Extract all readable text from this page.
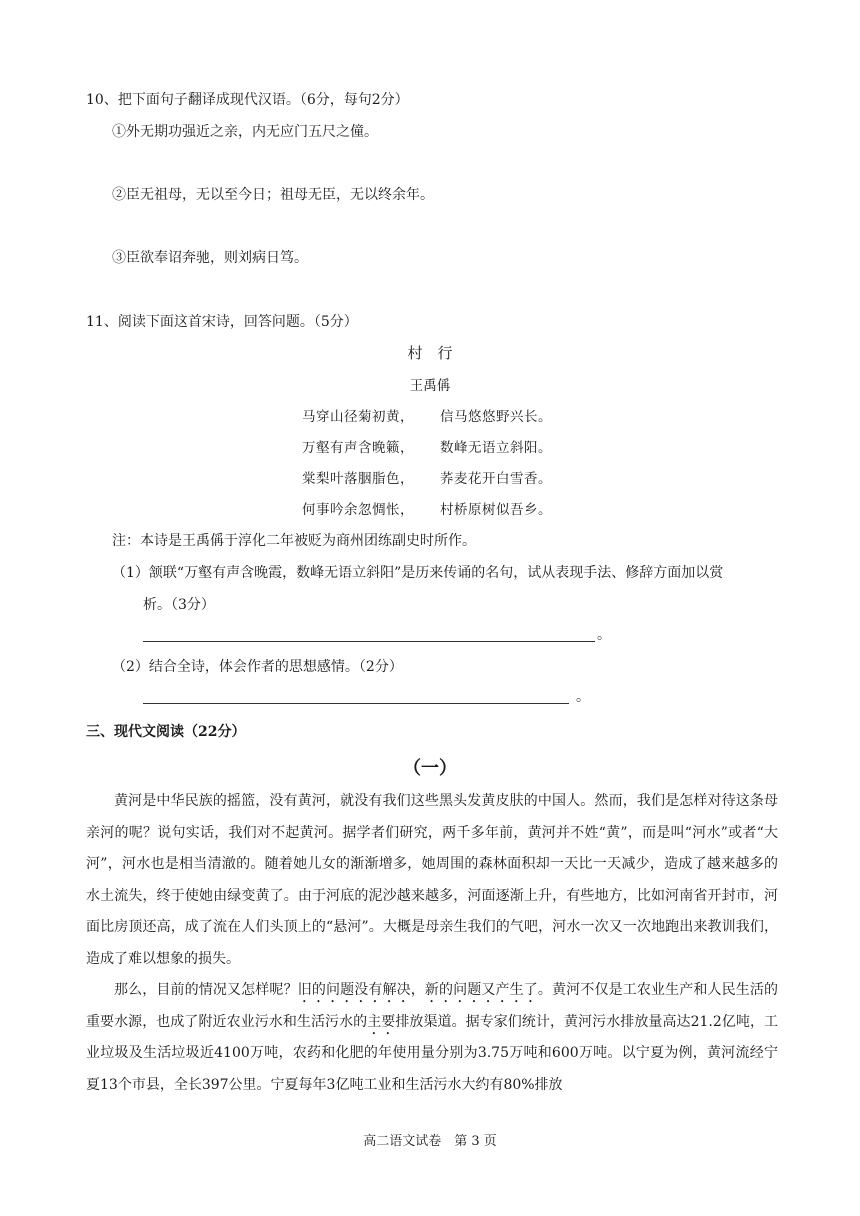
10、把下面句子翻译成现代汉语。（6分，每句2分）
①外无期功强近之亲，内无应门五尺之僮。
②臣无祖母，无以至今日；祖母无臣，无以终余年。
③臣欲奉诏奔驰，则刘病日笃。
11、阅读下面这首宋诗，回答问题。（5分）
村　行
王禹偁
马穿山径菊初黄， 信马悠悠野兴长。
万壑有声含晚籁， 数峰无语立斜阳。
棠梨叶落胭脂色， 荞麦花开白雪香。
何事吟余忽惆怅， 村桥原树似吾乡。
注：本诗是王禹偁于淳化二年被贬为商州团练副史时所作。
（1）颔联“万壑有声含晚霞，数峰无语立斜阳”是历来传诵的名句，试从表现手法、修辞方面加以赏
析。（3分）
。
（2）结合全诗，体会作者的思想感情。（2分）
。
三、现代文阅读（22分）
（一）

黄河是中华民族的摇篮，没有黄河，就没有我们这些黑头发黄皮肤的中国人。然而，我们是怎样对待这条母亲河的呢？说句实话，我们对不起黄河。据学者们研究，两千多年前，黄河并不姓“黄”，而是叫“河水”或者“大河”，河水也是相当清澈的。随着她儿女的渐渐增多，她周围的森林面积却一天比一天减少，造成了越来越多的水土流失，终于使她由绿变黄了。由于河底的泥沙越来越多，河面逐渐上升，有些地方，比如河南省开封市，河面比房顶还高，成了流在人们头顶上的“悬河”。大概是母亲生我们的气吧，河水一次又一次地跑出来教训我们，造成了难以想象的损失。

那么，目前的情况又怎样呢？旧的问题没有解决，新的问题又产生了。黄河不仅是工农业生产和人民生活的重要水源，也成了附近农业污水和生活污水的主要排放渠道。据专家们统计，黄河污水排放量高达21.2亿吨，工业垃圾及生活垃圾近4100万吨，农药和化肥的年使用量分别为3.75万吨和600万吨。以宁夏为例，黄河流经宁夏13个市县，全长397公里。宁夏每年3亿吨工业和生活污水大约有80%排放

高二语文试卷　第 3 页
